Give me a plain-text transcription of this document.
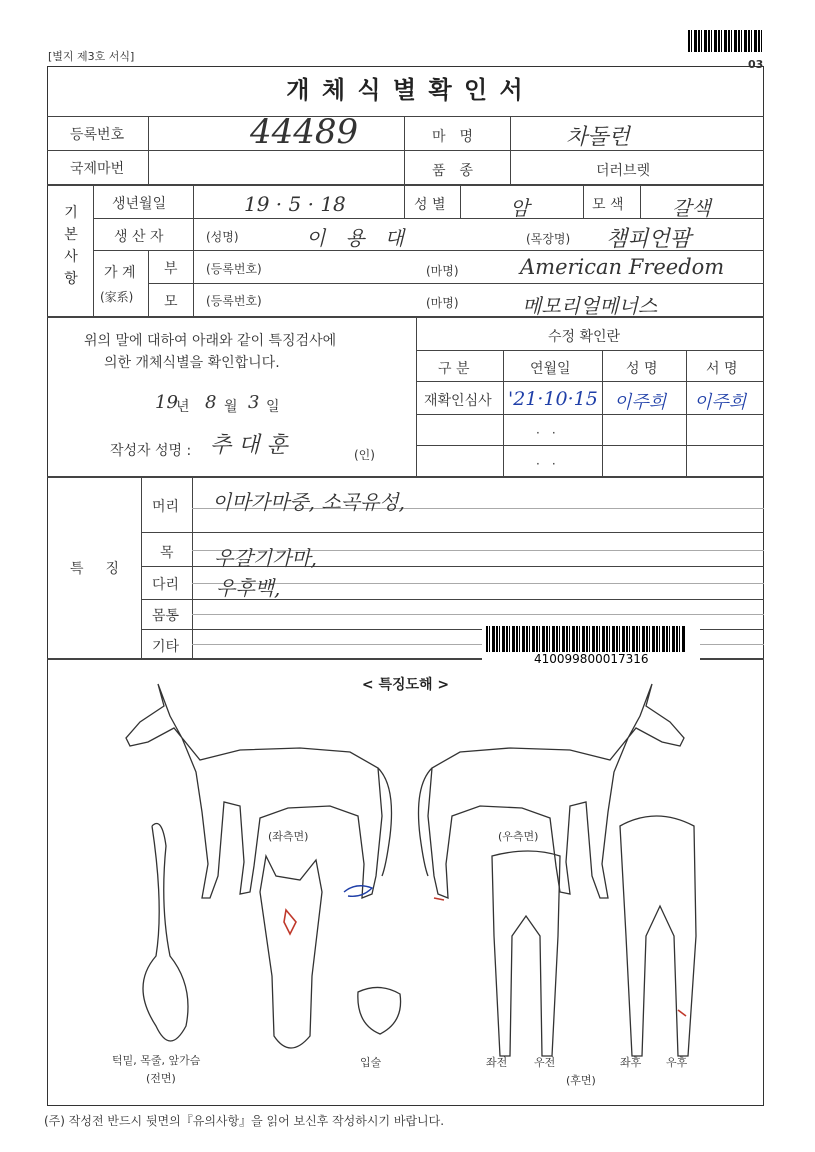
[별지 제3호 서식]
03
개 체 식 별 확 인 서
등록번호	44489	마　명	차돌런
국제마번	품　종	더러브렛
기
본
사
항
생년월일	19 · 5 · 18	성 별	암	모 색 갈색
생 산 자	(성명)	이　용　대	(목장명) 챔피언팜
가 계
(家系)
부 (등록번호)	(마명)	American Freedom
모 (등록번호)	(마명)	메모리얼메너스
위의 말에 대하여 아래와 같이 특징검사에
의한 개체식별을 확인합니다.
19
년 8 월 3 일
작성자 성명 : 추 대 훈	(인)
수정 확인란
구 분	연월일	성 명	서 명
재확인심사 '21·10·15 이주희 이주희
·　·
·　·
특　징
머리 이마가마중, 소곡유성,
목 우갈기가마,
다리 우후백,
몸통
기타
410099800017316
< 특징도해 >
(좌측면)	(우측면)
턱밑, 목줄, 앞가슴
(전면)
입술	좌전 우전	좌후 우후
(후면)
(주) 작성전 반드시 뒷면의『유의사항』을 읽어 보신후 작성하시기 바랍니다.
